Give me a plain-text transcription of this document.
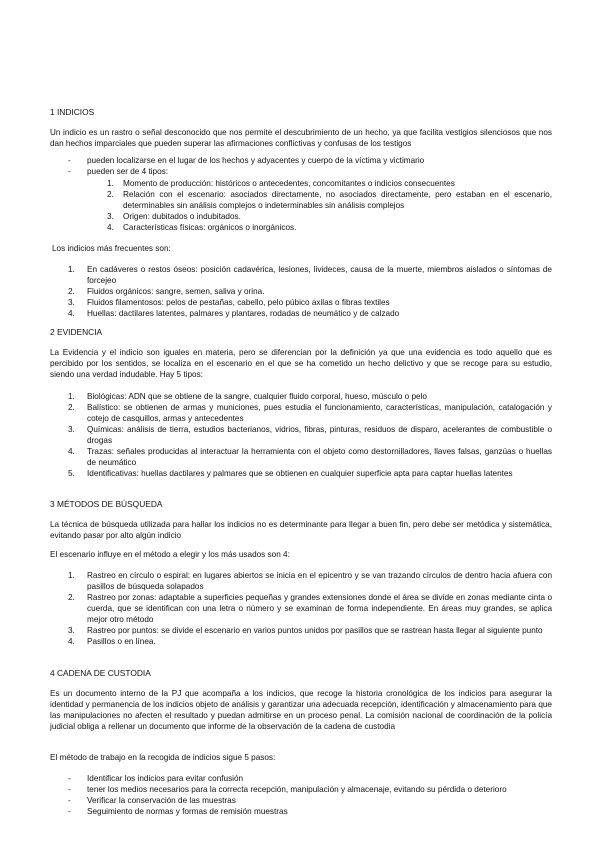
1 INDICIOS
Un indicio es un rastro o señal desconocido que nos permite el descubrimiento de un hecho, ya que facilita vestigios silenciosos que nos dan hechos imparciales que pueden superar las afirmaciones conflictivas y confusas de los testigos
- pueden localizarse en el lugar de los hechos y adyacentes y cuerpo de la víctima y victimario
- pueden ser de 4 tipos:
1. Momento de producción: históricos o antecedentes, concomitantes o indicios consecuentes
2. Relación con el escenario: asociados directamente, no asociados directamente, pero estaban en el escenario, determinables sin análisis complejos o indeterminables sin análisis complejos
3. Origen: dubitados o indubitados.
4. Características físicas: orgánicos o inorgánicos.
Los indicios más frecuentes son:
1. En cadáveres o restos óseos: posición cadavérica, lesiones, livideces, causa de la muerte, miembros aislados o síntomas de forcejeo
2. Fluidos orgánicos: sangre, semen, saliva y orina.
3. Fluidos filamentosos: pelos de pestañas, cabello, pelo púbico axilas o fibras textiles
4. Huellas: dactilares latentes, palmares y plantares, rodadas de neumático y de calzado
2 EVIDENCIA
La Evidencia y el indicio son iguales en materia, pero se diferencian por la definición ya que una evidencia es todo aquello que es percibido por los sentidos, se localiza en el escenario en el que se ha cometido un hecho delictivo y que se recoge para su estudio, siendo una verdad indudable. Hay 5 tipos:
1. Biológicas: ADN que se obtiene de la sangre, cualquier fluido corporal, hueso, músculo o pelo
2. Balístico: se obtienen de armas y municiones, pues estudia el funcionamiento, características, manipulación, catalogación y cotejo de casquillos, armas y antecedentes
3. Químicas: análisis de tierra, estudios bacterianos, vidrios, fibras, pinturas, residuos de disparo, acelerantes de combustible o drogas
4. Trazas: señales producidas al interactuar la herramienta con el objeto como destornilladores, llaves falsas, ganzúas o huellas de neumático
5. Identificativas: huellas dactilares y palmares que se obtienen en cualquier superficie apta para captar huellas latentes
3 MÉTODOS DE BÚSQUEDA
La técnica de búsqueda utilizada para hallar los indicios no es determinante para llegar a buen fin, pero debe ser metódica y sistemática, evitando pasar por alto algún indicio
El escenario influye en el método a elegir y los más usados son 4:
1. Rastreo en círculo o espiral: en lugares abiertos se inicia en el epicentro y se van trazando círculos de dentro hacia afuera con pasillos de búsqueda solapados
2. Rastreo por zonas: adaptable a superficies pequeñas y grandes extensiones donde el área se divide en zonas mediante cinta o cuerda, que se identifican con una letra o número y se examinan de forma independiente. En áreas muy grandes, se aplica mejor otro método
3. Rastreo por puntos: se divide el escenario en varios puntos unidos por pasillos que se rastrean hasta llegar al siguiente punto
4. Pasillos o en línea.
4 CADENA DE CUSTODIA
Es un documento interno de la PJ que acompaña a los indicios, que recoge la historia cronológica de los indicios para asegurar la identidad y permanencia de los indicios objeto de análisis y garantizar una adecuada recepción, identificación y almacenamiento para que las manipulaciones no afecten el resultado y puedan admitirse en un proceso penal. La comisión nacional de coordinación de la policía judicial obliga a rellenar un documento que informe de la observación de la cadena de custodia
El método de trabajo en la recogida de indicios sigue 5 pasos:
- Identificar los indicios para evitar confusión
- tener los medios necesarios para la correcta recepción, manipulación y almacenaje, evitando su pérdida o deterioro
- Verificar la conservación de las muestras
- Seguimiento de normas y formas de remisión muestras
